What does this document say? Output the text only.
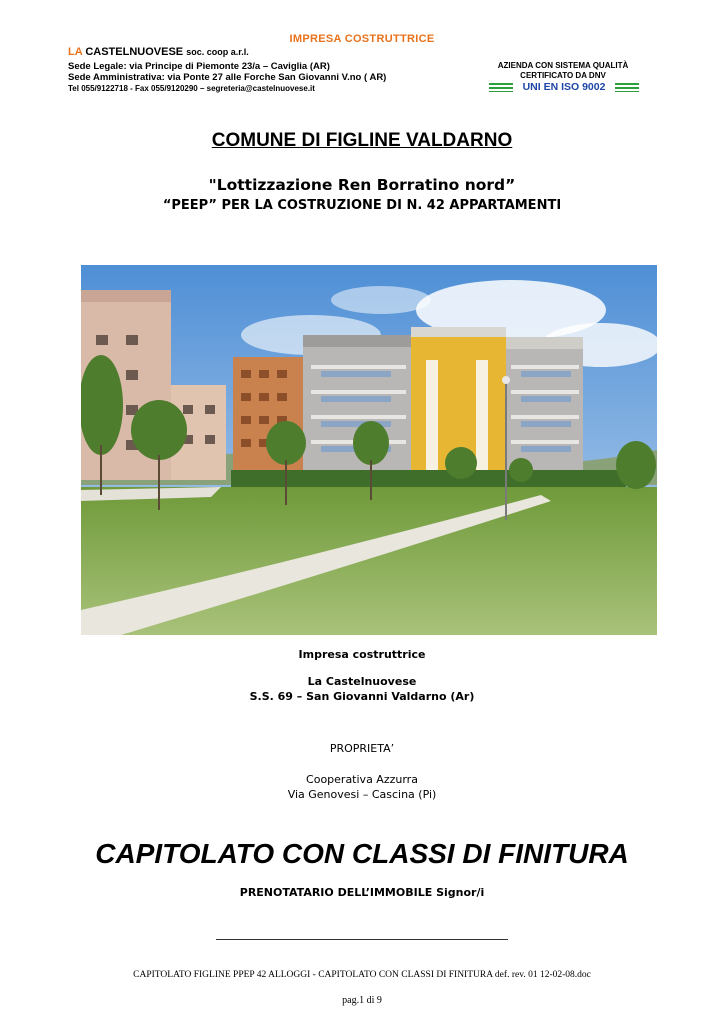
IMPRESA COSTRUTTRICE
LA CASTELNUOVESE soc. coop a.r.l.
Sede Legale: via Principe di Piemonte 23/a – Caviglia (AR)
Sede Amministrativa: via Ponte 27 alle Forche San Giovanni V.no ( AR)
Tel 055/9122718 - Fax 055/9120290 – segreteria@castelnuovese.it
AZIENDA CON SISTEMA QUALITÀ
CERTIFICATO DA DNV
UNI EN ISO 9002
COMUNE DI FIGLINE VALDARNO
"Lottizzazione Ren Borratino nord”
“PEEP” PER LA COSTRUZIONE DI N. 42 APPARTAMENTI
Impresa costruttrice
La Castelnuovese
S.S. 69 – San Giovanni Valdarno (Ar)
PROPRIETA’
Cooperativa Azzurra
Via Genovesi – Cascina (Pi)
CAPITOLATO CON CLASSI DI FINITURA
PRENOTATARIO DELL’IMMOBILE Signor/i
CAPITOLATO FIGLINE PPEP 42 ALLOGGI - CAPITOLATO CON CLASSI DI FINITURA def. rev. 01 12-02-08.doc
pag.1 di 9
